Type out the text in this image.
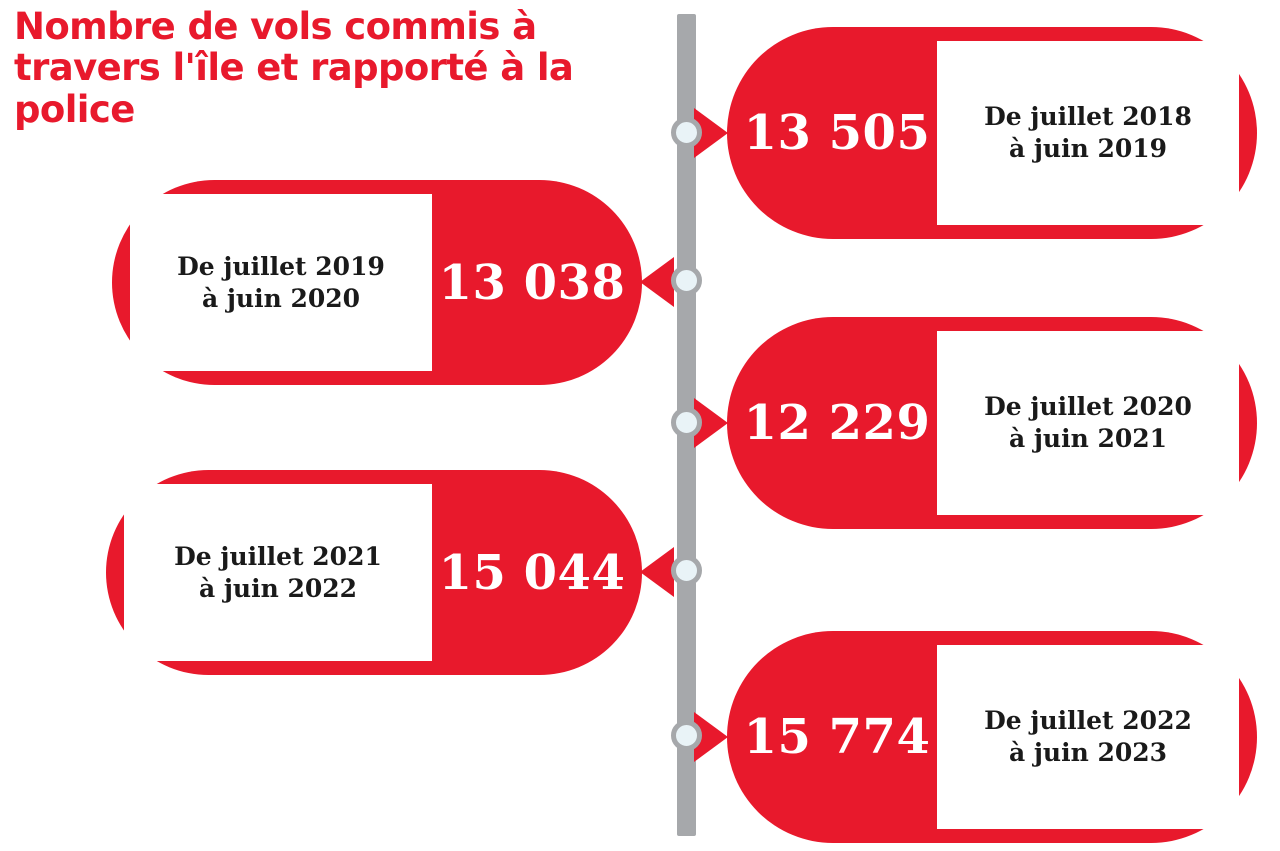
Nombre de vols commis à travers l'île et rapporté à la police	13 505 De juillet 2018
à juin 2019
De juillet 2019
à juin 2020 13 038
12 229 De juillet 2020
à juin 2021
De juillet 2021
à juin 2022 15 044
15 774 De juillet 2022
à juin 2023
